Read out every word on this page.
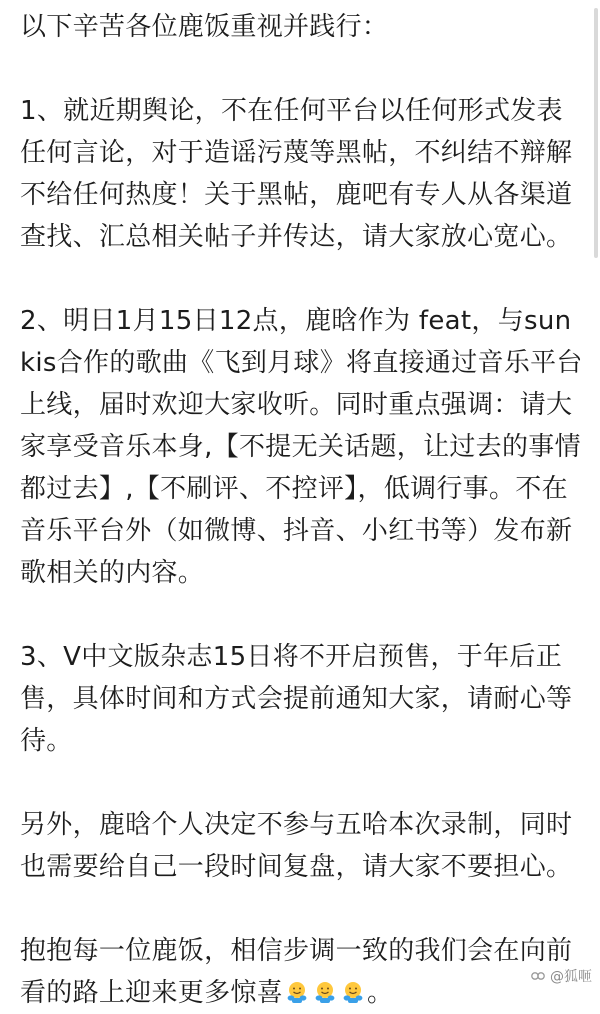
以下辛苦各位鹿饭重视并践行：

1、就近期舆论，不在任何平台以任何形式发表任何言论，对于造谣污蔑等黑帖，不纠结不辩解不给任何热度！关于黑帖，鹿吧有专人从各渠道查找、汇总相关帖子并传达，请大家放心宽心。

2、明日1月15日12点，鹿晗作为 feat，与sunkis合作的歌曲《飞到月球》将直接通过音乐平台上线，届时欢迎大家收听。同时重点强调：请大家享受音乐本身,【不提无关话题，让过去的事情都过去】,【不刷评、不控评】，低调行事。不在音乐平台外（如微博、抖音、小红书等）发布新歌相关的内容。

3、V中文版杂志15日将不开启预售，于年后正售，具体时间和方式会提前通知大家，请耐心等待。

另外，鹿晗个人决定不参与五哈本次录制，同时也需要给自己一段时间复盘，请大家不要担心。

抱抱每一位鹿饭，相信步调一致的我们会在向前看的路上迎来更多惊喜	。

@狐咂
